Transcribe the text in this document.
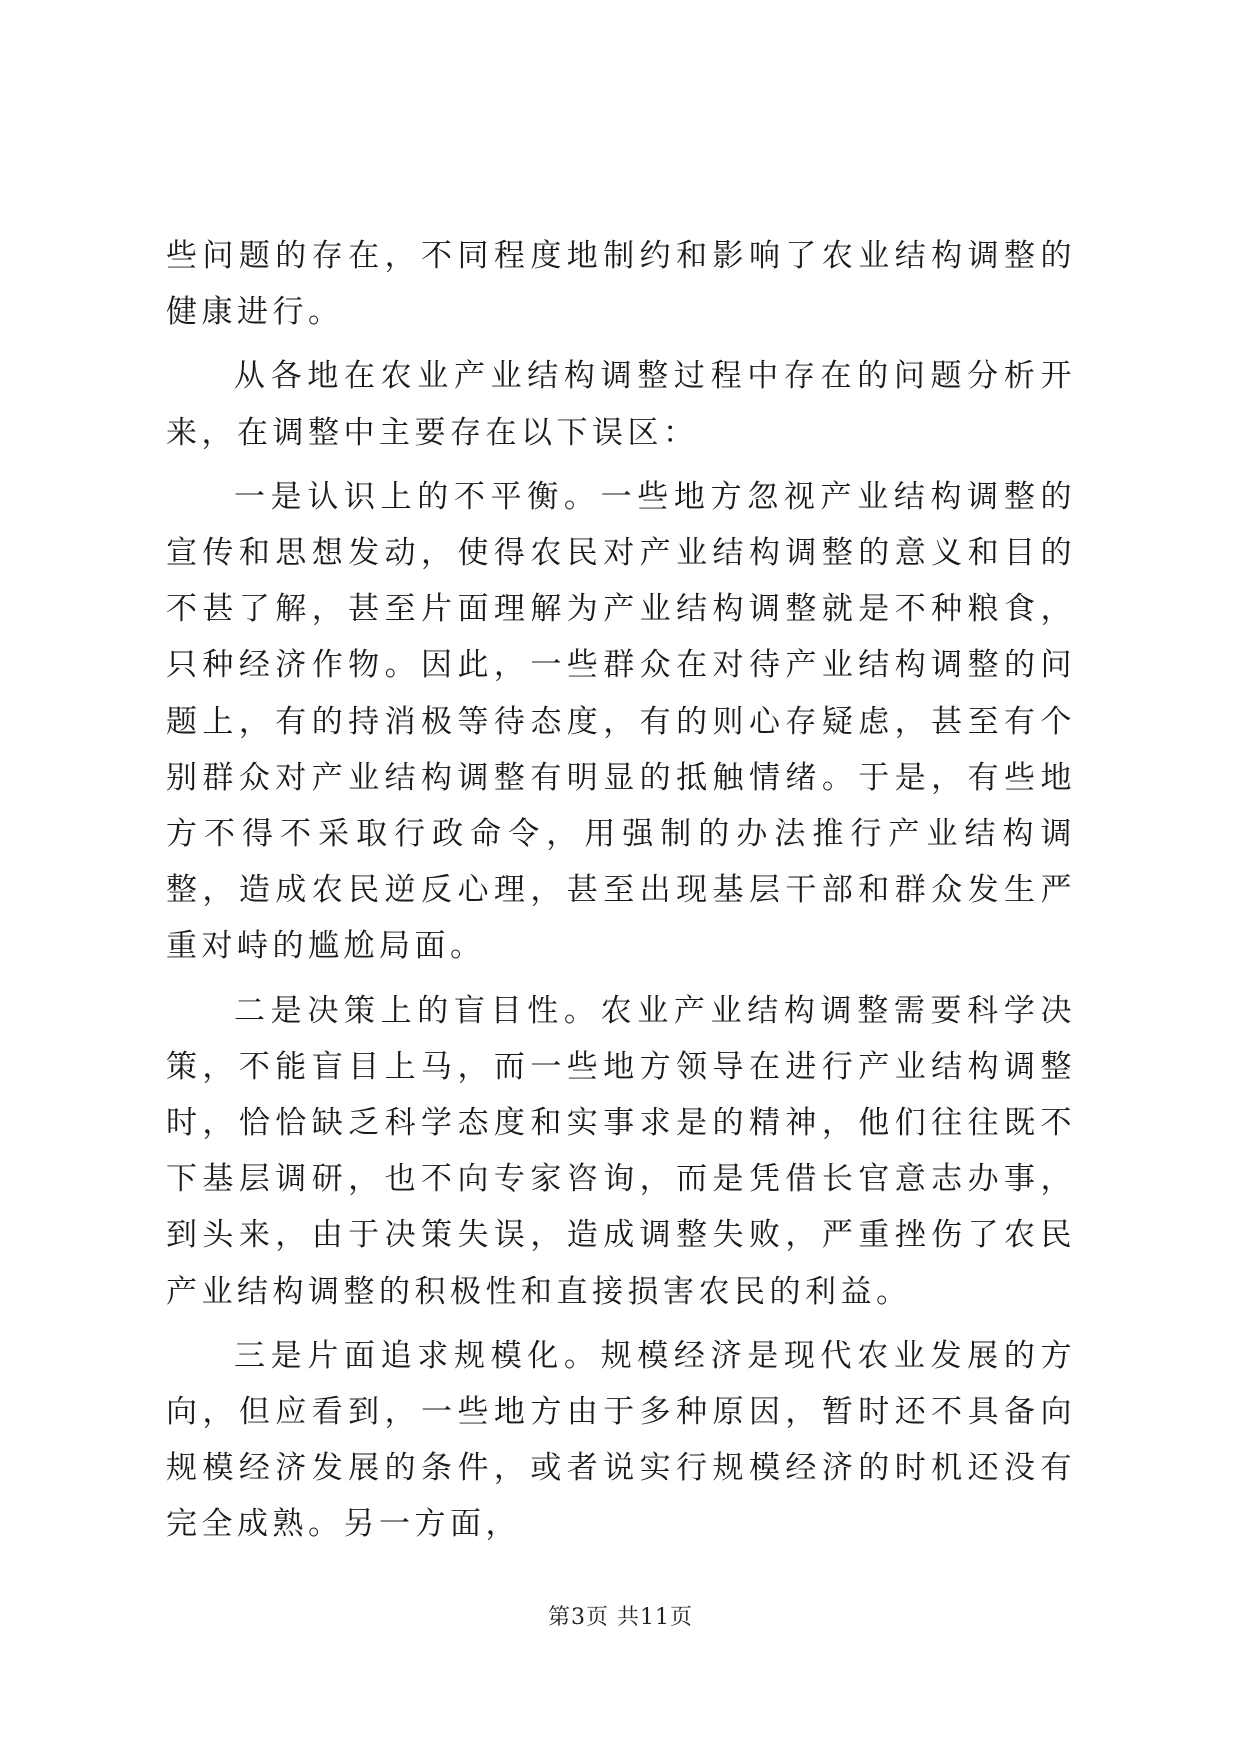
些问题的存在，不同程度地制约和影响了农业结构调整的健康进行。

从各地在农业产业结构调整过程中存在的问题分析开来，在调整中主要存在以下误区：

一是认识上的不平衡。一些地方忽视产业结构调整的宣传和思想发动，使得农民对产业结构调整的意义和目的不甚了解，甚至片面理解为产业结构调整就是不种粮食，只种经济作物。因此，一些群众在对待产业结构调整的问题上，有的持消极等待态度，有的则心存疑虑，甚至有个别群众对产业结构调整有明显的抵触情绪。于是，有些地方不得不采取行政命令，用强制的办法推行产业结构调整，造成农民逆反心理，甚至出现基层干部和群众发生严重对峙的尴尬局面。

二是决策上的盲目性。农业产业结构调整需要科学决策，不能盲目上马，而一些地方领导在进行产业结构调整时，恰恰缺乏科学态度和实事求是的精神，他们往往既不下基层调研，也不向专家咨询，而是凭借长官意志办事，到头来，由于决策失误，造成调整失败，严重挫伤了农民产业结构调整的积极性和直接损害农民的利益。

三是片面追求规模化。规模经济是现代农业发展的方向，但应看到，一些地方由于多种原因，暂时还不具备向规模经济发展的条件，或者说实行规模经济的时机还没有完全成熟。另一方面，

第3页 共11页
